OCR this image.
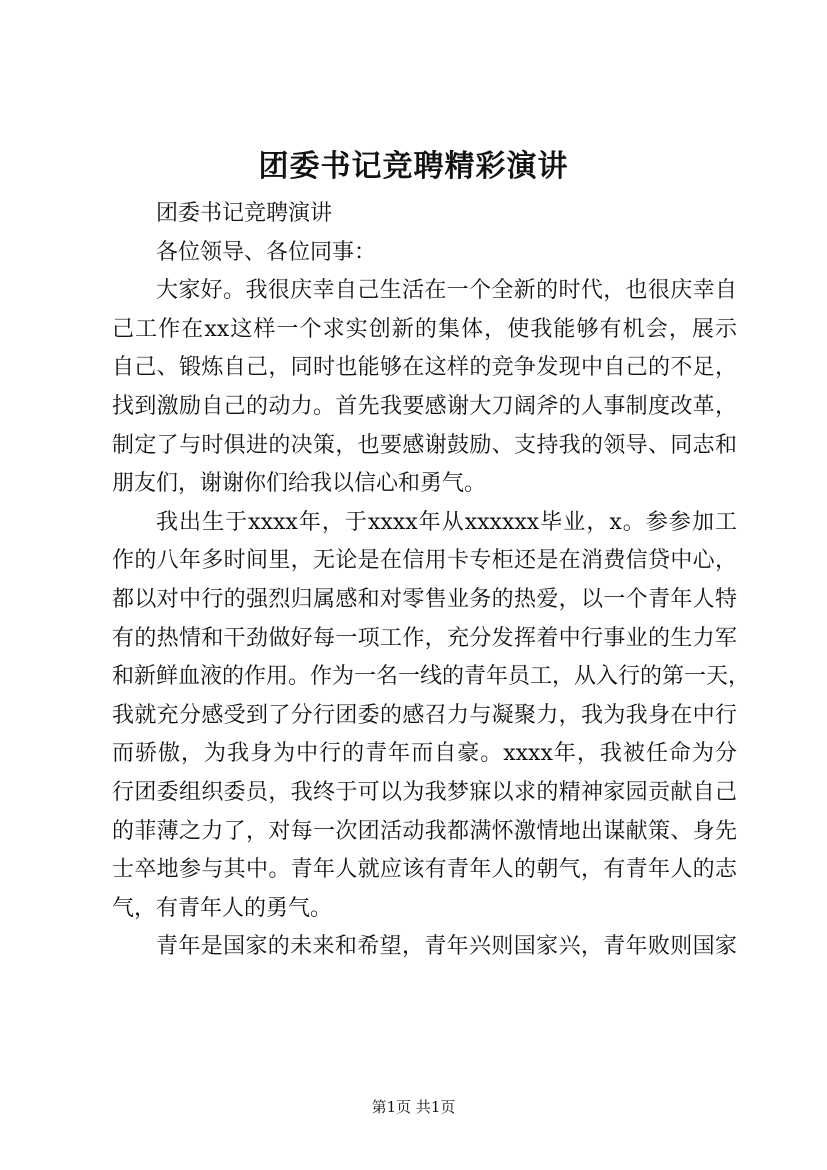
团委书记竞聘精彩演讲
团委书记竞聘演讲
各位领导、各位同事：
大家好。我很庆幸自己生活在一个全新的时代，也很庆幸自
己工作在xx这样一个求实创新的集体，使我能够有机会，展示
自己、锻炼自己，同时也能够在这样的竞争发现中自己的不足，
找到激励自己的动力。首先我要感谢大刀阔斧的人事制度改革，
制定了与时俱进的决策，也要感谢鼓励、支持我的领导、同志和
朋友们，谢谢你们给我以信心和勇气。
我出生于xxxx年，于xxxx年从xxxxxx毕业，x。参参加工
作的八年多时间里，无论是在信用卡专柜还是在消费信贷中心，
都以对中行的强烈归属感和对零售业务的热爱，以一个青年人特
有的热情和干劲做好每一项工作，充分发挥着中行事业的生力军
和新鲜血液的作用。作为一名一线的青年员工，从入行的第一天，
我就充分感受到了分行团委的感召力与凝聚力，我为我身在中行
而骄傲，为我身为中行的青年而自豪。xxxx年，我被任命为分
行团委组织委员，我终于可以为我梦寐以求的精神家园贡献自己
的菲薄之力了，对每一次团活动我都满怀激情地出谋献策、身先
士卒地参与其中。青年人就应该有青年人的朝气，有青年人的志
气，有青年人的勇气。
青年是国家的未来和希望，青年兴则国家兴，青年败则国家
第1页 共1页
